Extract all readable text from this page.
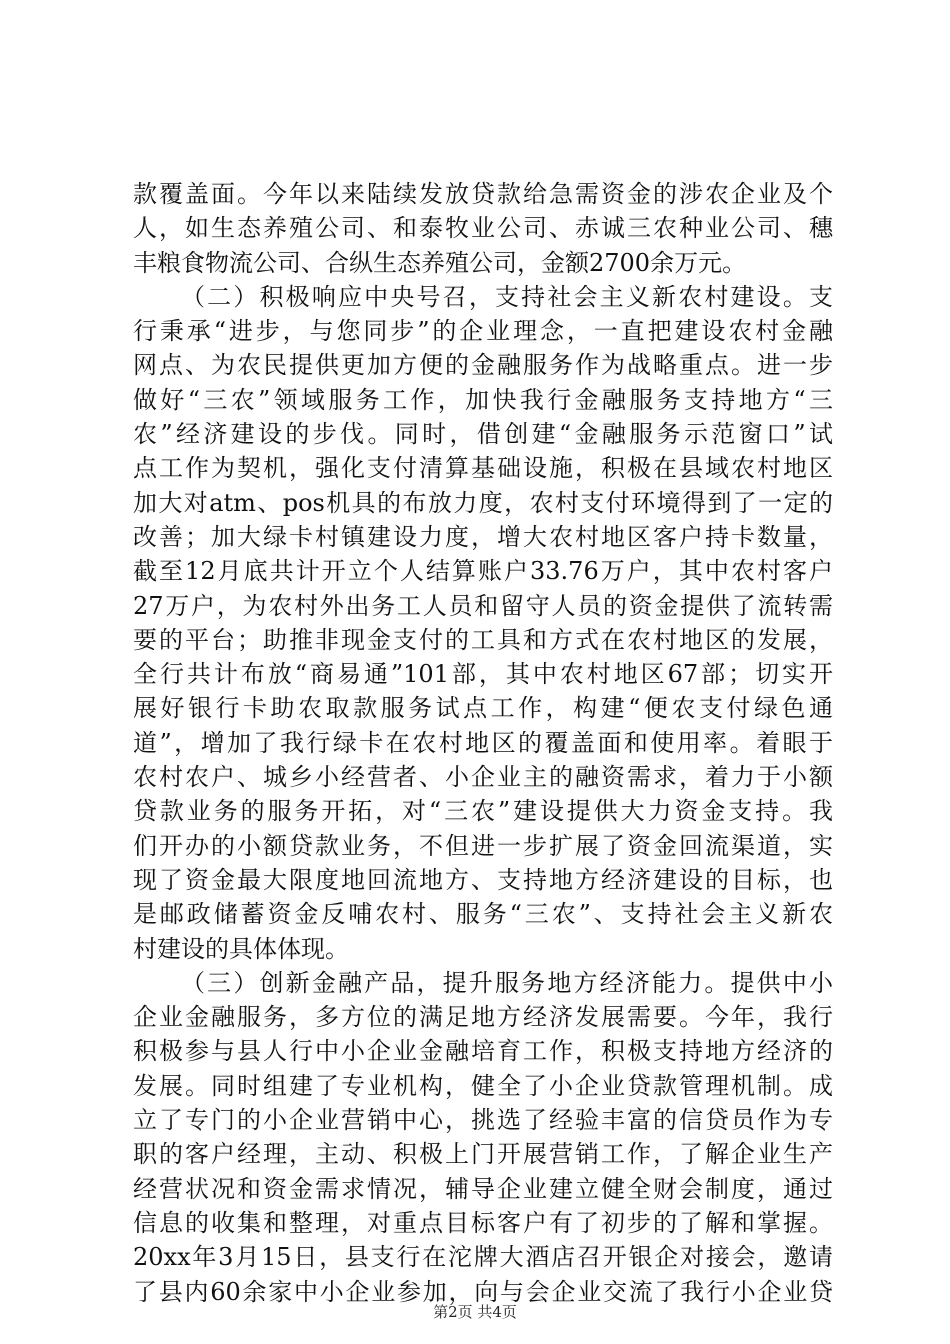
款覆盖面。今年以来陆续发放贷款给急需资金的涉农企业及个
人，如生态养殖公司、和泰牧业公司、赤诚三农种业公司、穗
丰粮食物流公司、合纵生态养殖公司，金额2700余万元。
（二）积极响应中央号召，支持社会主义新农村建设。支
行秉承“进步，与您同步”的企业理念，一直把建设农村金融
网点、为农民提供更加方便的金融服务作为战略重点。进一步
做好“三农”领域服务工作，加快我行金融服务支持地方“三
农”经济建设的步伐。同时，借创建“金融服务示范窗口”试
点工作为契机，强化支付清算基础设施，积极在县域农村地区
加大对atm、pos机具的布放力度，农村支付环境得到了一定的
改善；加大绿卡村镇建设力度，增大农村地区客户持卡数量，
截至12月底共计开立个人结算账户33.76万户，其中农村客户
27万户，为农村外出务工人员和留守人员的资金提供了流转需
要的平台；助推非现金支付的工具和方式在农村地区的发展，
全行共计布放“商易通”101部，其中农村地区67部；切实开
展好银行卡助农取款服务试点工作，构建“便农支付绿色通
道”，增加了我行绿卡在农村地区的覆盖面和使用率。着眼于
农村农户、城乡小经营者、小企业主的融资需求，着力于小额
贷款业务的服务开拓，对“三农”建设提供大力资金支持。我
们开办的小额贷款业务，不但进一步扩展了资金回流渠道，实
现了资金最大限度地回流地方、支持地方经济建设的目标，也
是邮政储蓄资金反哺农村、服务“三农”、支持社会主义新农
村建设的具体体现。
（三）创新金融产品，提升服务地方经济能力。提供中小
企业金融服务，多方位的满足地方经济发展需要。今年，我行
积极参与县人行中小企业金融培育工作，积极支持地方经济的
发展。同时组建了专业机构，健全了小企业贷款管理机制。成
立了专门的小企业营销中心，挑选了经验丰富的信贷员作为专
职的客户经理，主动、积极上门开展营销工作，了解企业生产
经营状况和资金需求情况，辅导企业建立健全财会制度，通过
信息的收集和整理，对重点目标客户有了初步的了解和掌握。
20xx年3月15日，县支行在沱牌大酒店召开银企对接会，邀请
了县内60余家中小企业参加，向与会企业交流了我行小企业贷
第2页 共4页
